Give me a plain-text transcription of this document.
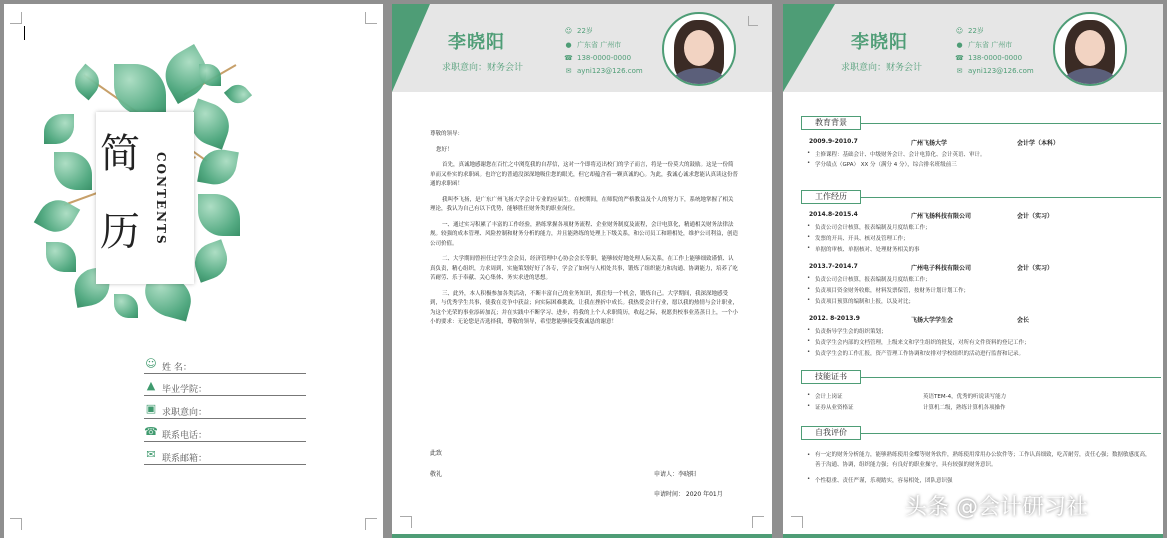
简
历 CONTENTS
☺ 姓 名：
▲ 毕业学院：
▣ 求职意向：
☎ 联系电话：
✉ 联系邮箱：
李晓阳
求职意向：财务会计
☺ 22岁
● 广东省 广州市
☎ 138-0000-0000
✉ ayni123@126.com

尊敬的领导：

您好！

首先，真诚地感谢您在百忙之中浏览我的自荐信，这对一个即将迈出校门的学子而言，将是一份莫大的鼓励。这是一份简单而又朴实的求职函。也许它的普通没深深地吸住您的眼光，但它却蕴含着一颗真诚的心。为此，我诚心诚求您能认真读这份普通的求职函！

我叫李飞扬，是广东广州飞扬大学会计专业的应届生。在校期间，在师院的严格教益及个人的努力下，系统地掌握了相关理论，我认为自己有以下优势，能够胜任财务类的职业岗位。

一、通过实习积累了丰富的工作经验，熟练掌握各项财务流程、企业财务制度及流程，会计电算化，精通相关财务法律法规。较强的成本管理、风险控制和财务分析的能力，并且能熟练的处理上下级关系，和公司员工和睦相处，维护公司利益，创造公司价值。

二、大学期间曾担任过学生会会员，经济管理中心协会会长等职，能够较好地处理人际关系，在工作上能够细致谨慎、认真负责，精心组织，力求周到，实施策划好好了各专，学会了如何与人相处共事，锻炼了组织能力和沟通、协调能力，培养了吃苦耐劳、乐于奉献、关心集体、务实求进的思想。

三、此外，本人积极参加各类活动，不断丰富自己的业务知识，抓住每一个机会，锻炼自己。大学期间，我深深地感受到，与优秀学生共事，使我在竞争中获益；向实际困难挑战，让我在挫折中成长。我热爱会计行业，愿以我的热情与会计职业，为这个光荣的事业添砖加瓦；并在实践中不断学习、进步，将我的上个人求职简历，收起之际，祝愿贵校事业蒸蒸日上，一个小小的要求：无论您是否选择我，尊敬的领导，希望您能够接受我诚恳的谢意！

此致
敬礼	申请人：李晓阳
申请时间： 2020 年01月
李晓阳
求职意向：财务会计
☺ 22岁
● 广东省 广州市
☎ 138-0000-0000
✉ ayni123@126.com
教育背景
2009.9-2010.7	广州飞扬大学	会计学（本科）
• 主修课程：基础会计、中级财务会计、会计电算化、会计英语、审计。
• 学分绩点（GPA） XX 分（满分 4 分），综合排名班级前三
工作经历
2014.8-2015.4	广州飞扬科技有限公司	会计（实习）
• 负责公司会计核算，报表编制及月度结账工作；
• 发票的开具、开具、核对及管理工作；
• 单据的审核、单据核对、处理财务相关的事
2013.7-2014.7	广州电子科技有限公司	会计（实习）
• 负责公司会计核算，报表编制及月度结账工作；
• 负责项目资金财务收账，材料发票保管，按财务计划计划工作；
• 负责项目预算的编制和上报，以及对比；
2012. 8-2013.9	飞扬大学学生会	会长
• 负责指导学生会的组织策划；
• 负责学生会内部的文档管理，上级来文和学生组织的批复，对所有文件资料的登记工作；
• 负责学生会的工作汇报，资产管理工作协调和安排对学校组织的活动进行监督和记录。
技能证书
• 会计上岗证	英语TEM-4，优秀的听说读写能力
• 证券从业资格证	计算机二级，熟练计算机各项操作
自我评价
• 有一定的财务分析能力，能够熟练使用金蝶等财务软件，熟练使用常用办公软件等；工作认真细致，吃苦耐劳，责任心强；数据敏感度高，善于沟通、协调，组织能力强；有良好的职业操守，具有较强的财务意识。
• 个性稳重、责任严谨，乐观踏实，容易相处，团队意识强
头条 @会计研习社
